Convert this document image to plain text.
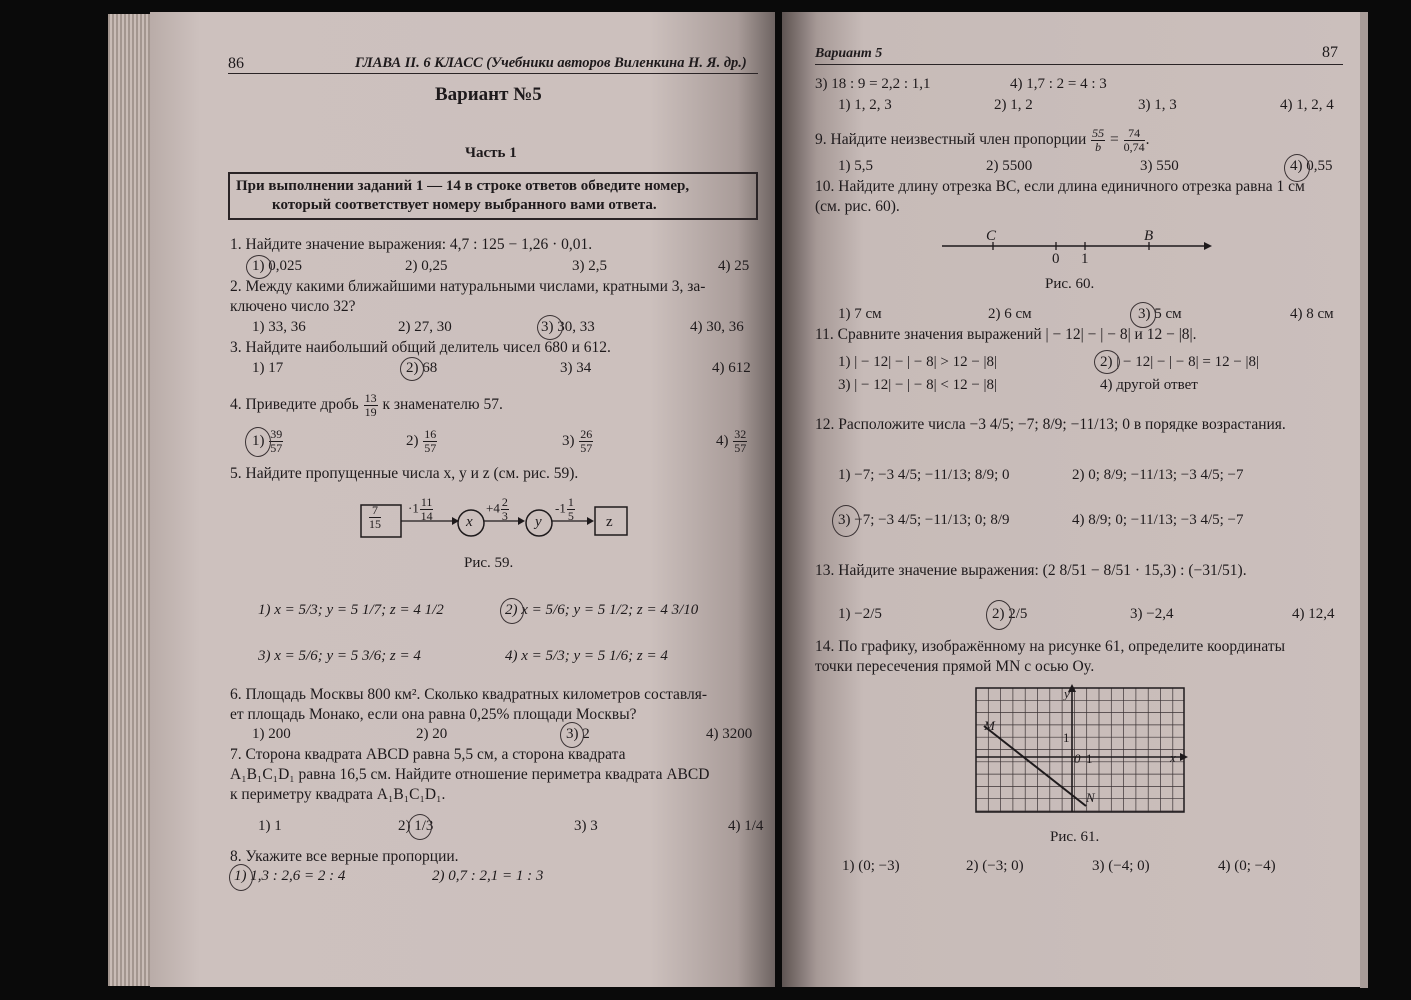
86	ГЛАВА II. 6 КЛАСС (Учебники авторов Виленкина Н. Я. др.)
Вариант №5
Часть 1
При выполнении заданий 1 — 14 в строке ответов обведите номер,
который соответствует номеру выбранного вами ответа.
1. Найдите значение выражения: 4,7 : 125 − 1,26 · 0,01.
1) 0,025	2) 0,25	3) 2,5	4) 25
2. Между какими ближайшими натуральными числами, кратными 3, за-
ключено число 32?
1) 33, 36	2) 27, 30	3) 30, 33	4) 30, 36
3. Найдите наибольший общий делитель чисел 680 и 612.
1) 17	2) 68	3) 34	4) 612
4. Приведите дробь $\frac{13}{19}$ к знаменателю 57.
$1) \frac{39}{57}$	$2) \frac{16}{57}$	$3) \frac{26}{57}$	$4) \frac{32}{57}$
5. Найдите пропущенные числа x, y и z (см. рис. 59).
$\frac{7}{15} \cdot 1 \frac{11}{14}$ x
$+4 \frac{2}{3}$ y
$-1 \frac{1}{5}$ z
Рис. 59.
1) x = 5/3; y = 5 1/7; z = 4 1/2	2) x = 5/6; y = 5 1/2; z = 4 3/10
3) x = 5/6; y = 5 3/6; z = 4	4) x = 5/3; y = 5 1/6; z = 4
6. Площадь Москвы 800 км². Сколько квадратных километров составля-
ет площадь Монако, если она равна 0,25% площади Москвы?
1) 200	2) 20	3) 2	4) 3200
7. Сторона квадрата ABCD равна 5,5 см, а сторона квадрата
A₁B₁C₁D₁ равна 16,5 см. Найдите отношение периметра квадрата ABCD
к периметру квадрата A₁B₁C₁D₁.
1) 1	2) 1/3	3) 3	4) 1/4
8. Укажите все верные пропорции.
1) 1,3 : 2,6 = 2 : 4	2) 0,7 : 2,1 = 1 : 3
Вариант 5	87
3) 18 : 9 = 2,2 : 1,1	4) 1,7 : 2 = 4 : 3
1) 1, 2, 3	2) 1, 2	3) 1, 3	4) 1, 2, 4
9. Найдите неизвестный член пропорции $\frac{55}{b} = \frac{74}{0,74}$ .
1) 5,5	2) 5500	3) 550	4) 0,55
10. Найдите длину отрезка BC, если длина единичного отрезка равна 1 см
(см. рис. 60).
C	B
0 1
Рис. 60.
1) 7 см	2) 6 см	3) 5 см	4) 8 см
11. Сравните значения выражений | − 12| − | − 8| и 12 − |8|.
1) | − 12| − | − 8| > 12 − |8|	2) | − 12| − | − 8| = 12 − |8|
3) | − 12| − | − 8| < 12 − |8|	4) другой ответ
12. Расположите числа −3 4/5; −7; 8/9; −11/13; 0 в порядке возрастания.
1) −7; −3 4/5; −11/13; 8/9; 0	2) 0; 8/9; −11/13; −3 4/5; −7
3) −7; −3 4/5; −11/13; 0; 8/9	4) 8/9; 0; −11/13; −3 4/5; −7
13. Найдите значение выражения: (2 8/51 − 8/51 · 15,3) : (−31/51).
1) −2/5	2) 2/5	3) −2,4	4) 12,4
14. По графику, изображённому на рисунке 61, определите координаты
точки пересечения прямой MN с осью Oy.
y
x
M
N
0 1
1
Рис. 61.
1) (0; −3)	2) (−3; 0)	3) (−4; 0)	4) (0; −4)
